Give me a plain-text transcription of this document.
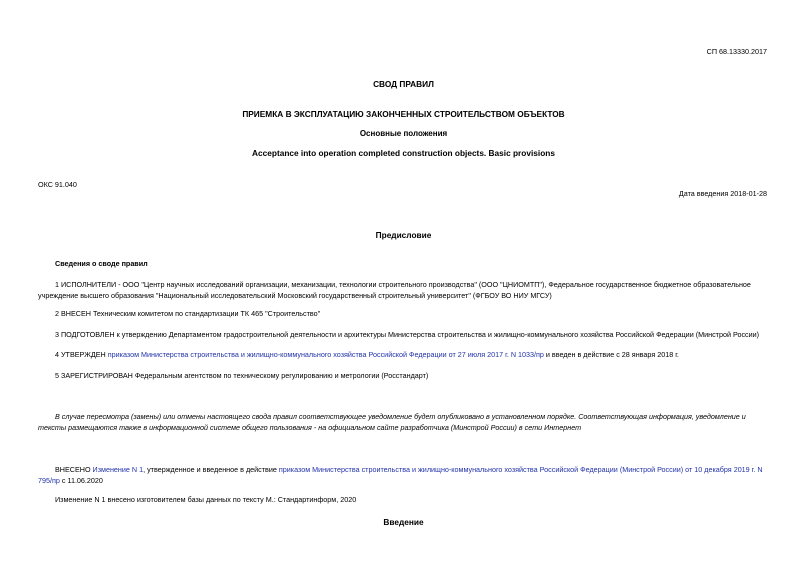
СП 68.13330.2017
СВОД ПРАВИЛ
ПРИЕМКА В ЭКСПЛУАТАЦИЮ ЗАКОНЧЕННЫХ СТРОИТЕЛЬСТВОМ ОБЪЕКТОВ
Основные положения
Acceptance into operation completed construction objects. Basic provisions
ОКС 91.040
Дата введения 2018-01-28
Предисловие
Сведения о своде правил
1 ИСПОЛНИТЕЛИ - ООО "Центр научных исследований организации, механизации, технологии строительного производства" (ООО "ЦНИОМТП"), Федеральное государственное бюджетное образовательное учреждение высшего образования "Национальный исследовательский Московский государственный строительный университет" (ФГБОУ ВО НИУ МГСУ)
2 ВНЕСЕН Техническим комитетом по стандартизации ТК 465 "Строительство"
3 ПОДГОТОВЛЕН к утверждению Департаментом градостроительной деятельности и архитектуры Министерства строительства и жилищно-коммунального хозяйства Российской Федерации (Минстрой России)
4 УТВЕРЖДЕН приказом Министерства строительства и жилищно-коммунального хозяйства Российской Федерации от 27 июля 2017 г. N 1033/пр и введен в действие с 28 января 2018 г.
5 ЗАРЕГИСТРИРОВАН Федеральным агентством по техническому регулированию и метрологии (Росстандарт)
В случае пересмотра (замены) или отмены настоящего свода правил соответствующее уведомление будет опубликовано в установленном порядке. Соответствующая информация, уведомление и тексты размещаются также в информационной системе общего пользования - на официальном сайте разработчика (Минстрой России) в сети Интернет
ВНЕСЕНО Изменение N 1, утвержденное и введенное в действие приказом Министерства строительства и жилищно-коммунального хозяйства Российской Федерации (Минстрой России) от 10 декабря 2019 г. N 795/пр с 11.06.2020
Изменение N 1 внесено изготовителем базы данных по тексту М.: Стандартинформ, 2020
Введение
